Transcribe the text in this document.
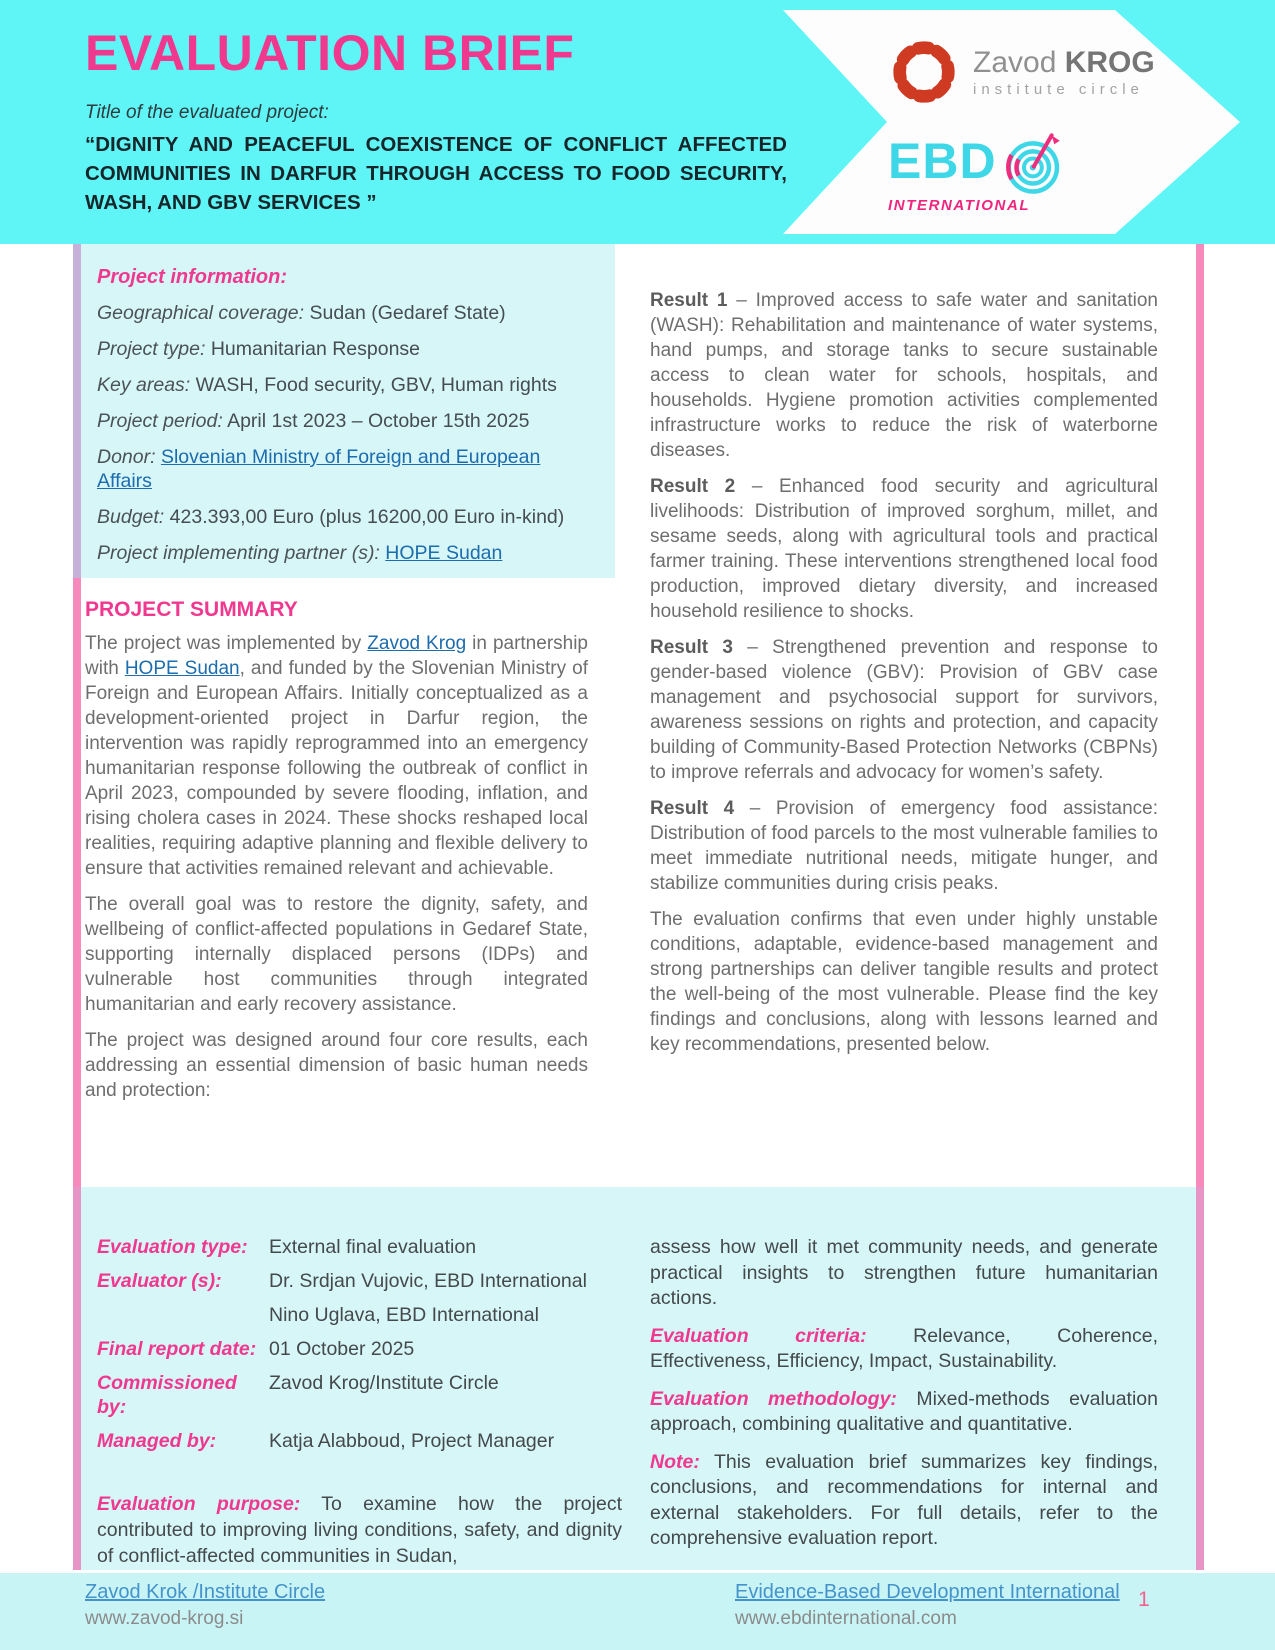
EVALUATION BRIEF
Title of the evaluated project:
“DIGNITY AND PEACEFUL COEXISTENCE OF CONFLICT AFFECTED COMMUNITIES IN DARFUR THROUGH ACCESS TO FOOD SECURITY, WASH, AND GBV SERVICES ”
Zavod KROG
institute circle
EBD
INTERNATIONAL
Project information:
Geographical coverage: Sudan (Gedaref State)
Project type: Humanitarian Response
Key areas: WASH, Food security, GBV, Human rights
Project period: April 1st 2023 – October 15th 2025
Donor: Slovenian Ministry of Foreign and European Affairs
Budget: 423.393,00 Euro (plus 16200,00 Euro in-kind)
Project implementing partner (s): HOPE Sudan
PROJECT SUMMARY

The project was implemented by Zavod Krog in partnership with HOPE Sudan, and funded by the Slovenian Ministry of Foreign and European Affairs. Initially conceptualized as a development-oriented project in Darfur region, the intervention was rapidly reprogrammed into an emergency humanitarian response following the outbreak of conflict in April 2023, compounded by severe flooding, inflation, and rising cholera cases in 2024. These shocks reshaped local realities, requiring adaptive planning and flexible delivery to ensure that activities remained relevant and achievable.

The overall goal was to restore the dignity, safety, and wellbeing of conflict-affected populations in Gedaref State, supporting internally displaced persons (IDPs) and vulnerable host communities through integrated humanitarian and early recovery assistance.

The project was designed around four core results, each addressing an essential dimension of basic human needs and protection:

Result 1 – Improved access to safe water and sanitation (WASH): Rehabilitation and maintenance of water systems, hand pumps, and storage tanks to secure sustainable access to clean water for schools, hospitals, and households. Hygiene promotion activities complemented infrastructure works to reduce the risk of waterborne diseases.

Result 2 – Enhanced food security and agricultural livelihoods: Distribution of improved sorghum, millet, and sesame seeds, along with agricultural tools and practical farmer training. These interventions strengthened local food production, improved dietary diversity, and increased household resilience to shocks.

Result 3 – Strengthened prevention and response to gender-based violence (GBV): Provision of GBV case management and psychosocial support for survivors, awareness sessions on rights and protection, and capacity building of Community-Based Protection Networks (CBPNs) to improve referrals and advocacy for women’s safety.

Result 4 – Provision of emergency food assistance: Distribution of food parcels to the most vulnerable families to meet immediate nutritional needs, mitigate hunger, and stabilize communities during crisis peaks.

The evaluation confirms that even under highly unstable conditions, adaptable, evidence-based management and strong partnerships can deliver tangible results and protect the well-being of the most vulnerable. Please find the key findings and conclusions, along with lessons learned and key recommendations, presented below.

Evaluation type:	External final evaluation
Evaluator (s):	Dr. Srdjan Vujovic, EBD International
Nino Uglava, EBD International
Final report date: 01 October 2025
Commissioned by:
Zavod Krog/Institute Circle
Managed by:	Katja Alabboud, Project Manager

Evaluation purpose: To examine how the project contributed to improving living conditions, safety, and dignity of conflict-affected communities in Sudan,

assess how well it met community needs, and generate practical insights to strengthen future humanitarian actions.

Evaluation criteria: Relevance, Coherence, Effectiveness, Efficiency, Impact, Sustainability.

Evaluation methodology: Mixed-methods evaluation approach, combining qualitative and quantitative.

Note: This evaluation brief summarizes key findings, conclusions, and recommendations for internal and external stakeholders. For full details, refer to the comprehensive evaluation report.

Zavod Krok /Institute Circle
www.zavod-krog.si
Evidence-Based Development International
www.ebdinternational.com
1
